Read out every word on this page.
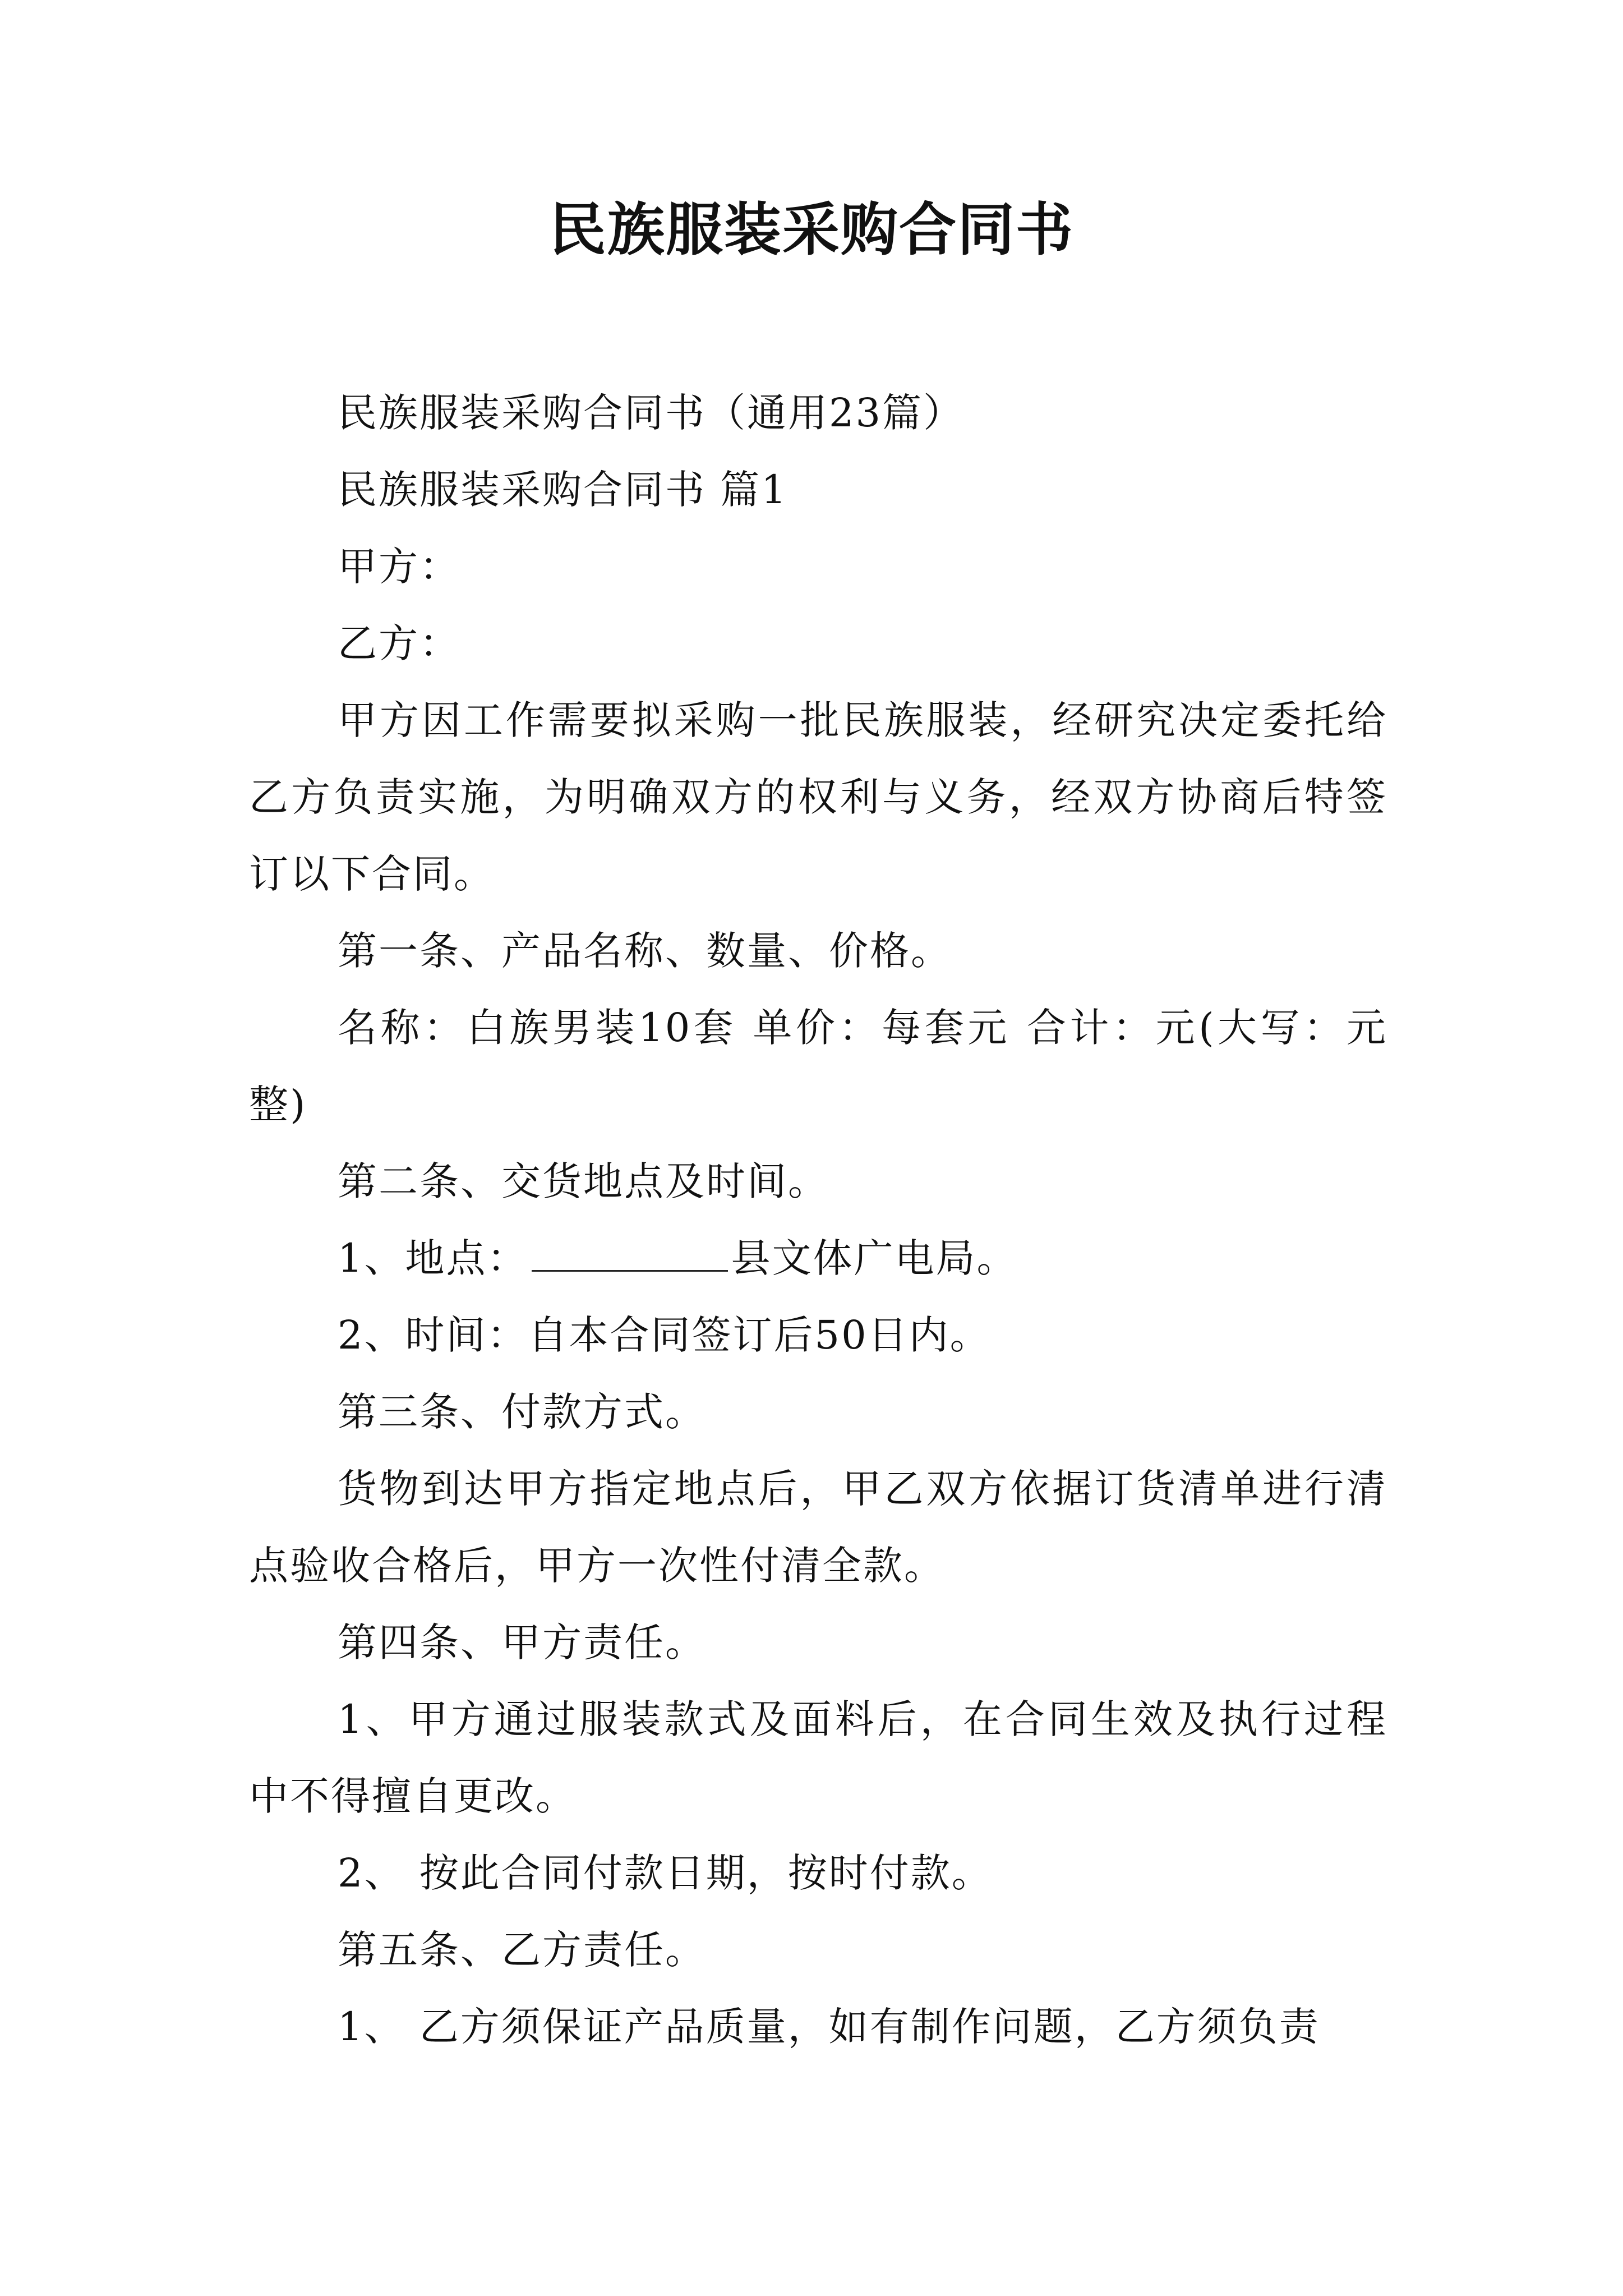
民族服装采购合同书

民族服装采购合同书（通用23篇）

民族服装采购合同书 篇1

甲方：

乙方：

甲方因工作需要拟采购一批民族服装，经研究决定委托给乙方负责实施，为明确双方的权利与义务，经双方协商后特签订以下合同。

第一条、产品名称、数量、价格。

名称：白族男装10套 单价：每套元 合计：元(大写：元整)

第二条、交货地点及时间。

1、地点：	县文体广电局。

2、时间：自本合同签订后50日内。

第三条、付款方式。

货物到达甲方指定地点后，甲乙双方依据订货清单进行清点验收合格后，甲方一次性付清全款。

第四条、甲方责任。

1、甲方通过服装款式及面料后，在合同生效及执行过程中不得擅自更改。

2、 按此合同付款日期，按时付款。

第五条、乙方责任。

1、 乙方须保证产品质量，如有制作问题，乙方须负责
